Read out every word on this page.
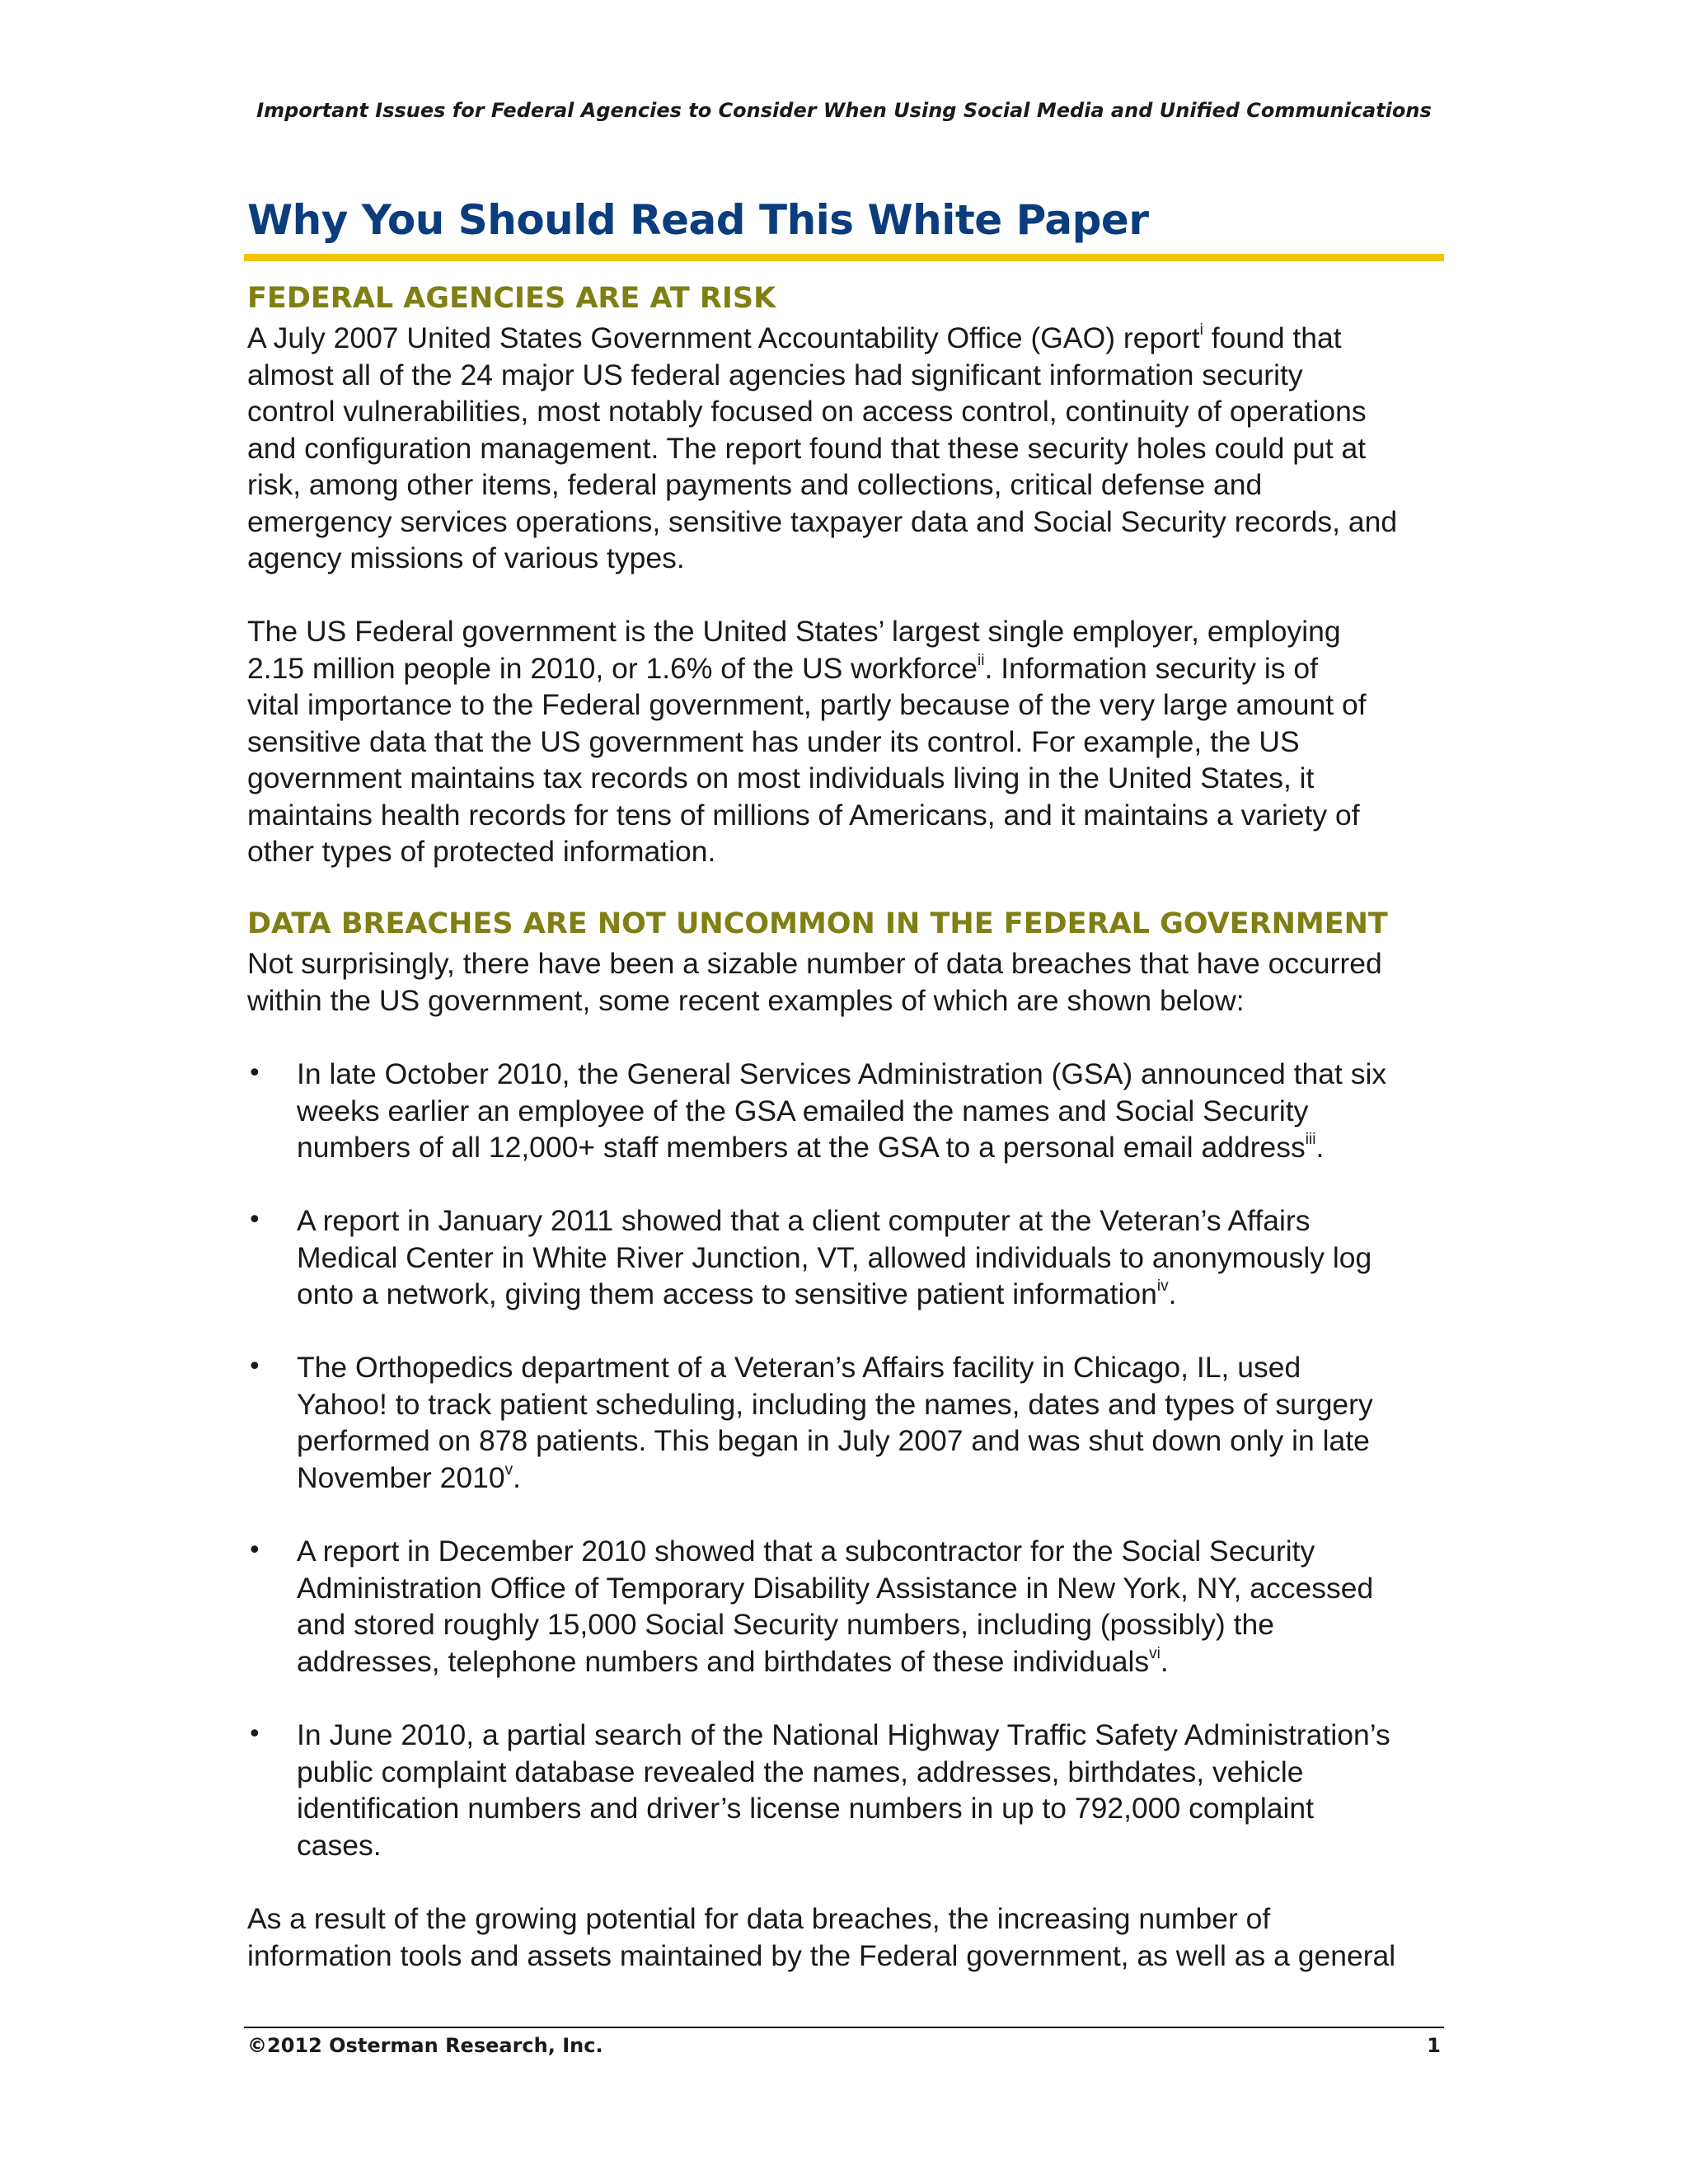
Important Issues for Federal Agencies to Consider When Using Social Media and Unified Communications
Why You Should Read This White Paper
FEDERAL AGENCIES ARE AT RISK
A July 2007 United States Government Accountability Office (GAO) report$^i$ found that
almost all of the 24 major US federal agencies had significant information security
control vulnerabilities, most notably focused on access control, continuity of operations
and configuration management. The report found that these security holes could put at
risk, among other items, federal payments and collections, critical defense and
emergency services operations, sensitive taxpayer data and Social Security records, and
agency missions of various types.
The US Federal government is the United States’ largest single employer, employing
2.15 million people in 2010, or 1.6% of the US workforce$^{ii}$. Information security is of
vital importance to the Federal government, partly because of the very large amount of
sensitive data that the US government has under its control. For example, the US
government maintains tax records on most individuals living in the United States, it
maintains health records for tens of millions of Americans, and it maintains a variety of
other types of protected information.
DATA BREACHES ARE NOT UNCOMMON IN THE FEDERAL GOVERNMENT
Not surprisingly, there have been a sizable number of data breaches that have occurred
within the US government, some recent examples of which are shown below:
• In late October 2010, the General Services Administration (GSA) announced that six
weeks earlier an employee of the GSA emailed the names and Social Security
numbers of all 12,000+ staff members at the GSA to a personal email address$^{iii}$.
• A report in January 2011 showed that a client computer at the Veteran’s Affairs
Medical Center in White River Junction, VT, allowed individuals to anonymously log
onto a network, giving them access to sensitive patient information$^{iv}$.
• The Orthopedics department of a Veteran’s Affairs facility in Chicago, IL, used
Yahoo! to track patient scheduling, including the names, dates and types of surgery
performed on 878 patients. This began in July 2007 and was shut down only in late
November 2010$^v$.
• A report in December 2010 showed that a subcontractor for the Social Security
Administration Office of Temporary Disability Assistance in New York, NY, accessed
and stored roughly 15,000 Social Security numbers, including (possibly) the
addresses, telephone numbers and birthdates of these individuals$^{vi}$.
• In June 2010, a partial search of the National Highway Traffic Safety Administration’s
public complaint database revealed the names, addresses, birthdates, vehicle
identification numbers and driver’s license numbers in up to 792,000 complaint
cases.
As a result of the growing potential for data breaches, the increasing number of
information tools and assets maintained by the Federal government, as well as a general
©2012 Osterman Research, Inc.	1
